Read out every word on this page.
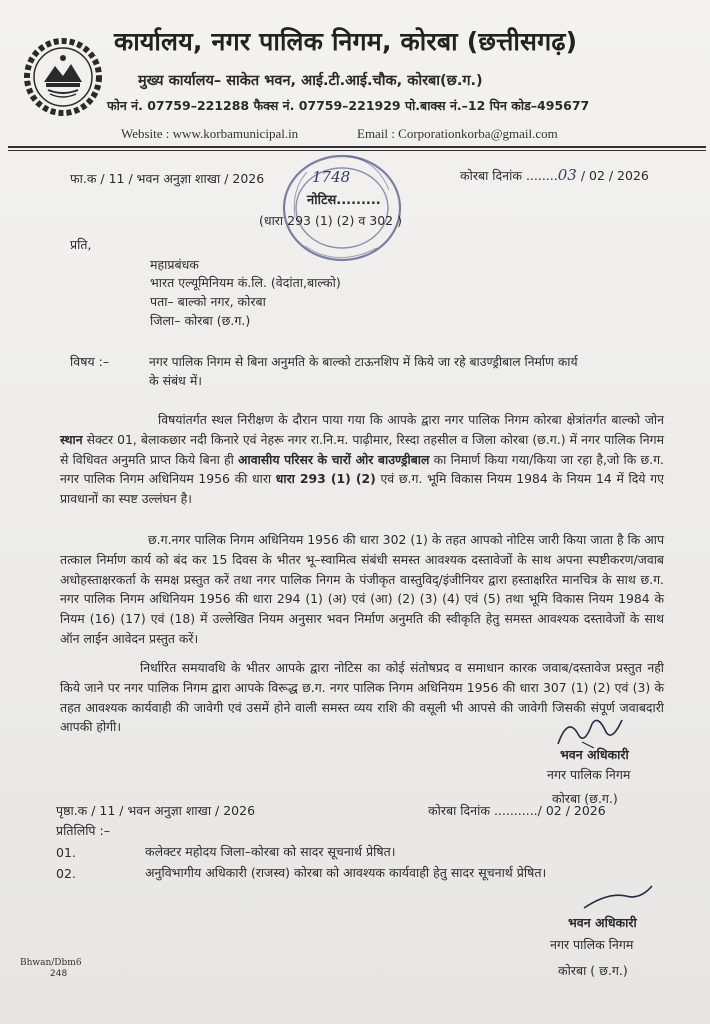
कार्यालय, नगर पालिक निगम, कोरबा (छत्तीसगढ़)
मुख्य कार्यालय– साकेत भवन, आई.टी.आई.चौक, कोरबा(छ.ग.)
फोन नं. 07759–221288 फैक्स नं. 07759–221929 पो.बाक्स नं.–12 पिन कोड–495677
Website : www.korbamunicipal.in	Email : Corporationkorba@gmail.com
फा.क / 11 / भवन अनुज्ञा शाखा / 2026	कोरबा दिनांक ........03 / 02 / 2026
1748
नोटिस.........
(धारा 293 (1) (2) व 302 )
प्रति,
महाप्रबंधक
भारत एल्यूमिनियम कं.लि. (वेदांता,बाल्को)
पता– बाल्को नगर, कोरबा
जिला– कोरबा (छ.ग.)
विषय :–	नगर पालिक निगम से बिना अनुमति के बाल्को टाऊनशिप में किये जा रहे बाउण्ड्रीबाल निर्माण कार्य
के संबंध में।
विषयांतर्गत स्थल निरीक्षण के दौरान पाया गया कि आपके द्वारा नगर पालिक निगम कोरबा क्षेत्रांतर्गत बाल्को जोन स्थान सेक्टर 01, बेलाकछार नदी किनारे एवं नेहरू नगर रा.नि.म. पाढ़ीमार, रिस्दा तहसील व जिला कोरबा (छ.ग.) में नगर पालिक निगम से विधिवत अनुमति प्राप्त किये बिना ही आवासीय परिसर के चारों ओर बाउण्ड्रीबाल का निमार्ण किया गया/किया जा रहा है,जो कि छ.ग. नगर पालिक निगम अधिनियम 1956 की धारा धारा 293 (1) (2) एवं छ.ग. भूमि विकास नियम 1984 के नियम 14 में दिये गए प्रावधानों का स्पष्ट उल्लंघन है।
छ.ग.नगर पालिक निगम अधिनियम 1956 की धारा 302 (1) के तहत आपको नोटिस जारी किया जाता है कि आप तत्काल निर्माण कार्य को बंद कर 15 दिवस के भीतर भू–स्वामित्व संबंधी समस्त आवश्यक दस्तावेजों के साथ अपना स्पष्टीकरण/जवाब अधोहस्ताक्षरकर्ता के समक्ष प्रस्तुत करें तथा नगर पालिक निगम के पंजीकृत वास्तुविद्/इंजीनियर द्वारा हस्ताक्षरित मानचित्र के साथ छ.ग. नगर पालिक निगम अधिनियम 1956 की धारा 294 (1) (अ) एवं (आ) (2) (3) (4) एवं (5) तथा भूमि विकास नियम 1984 के नियम (16) (17) एवं (18) में उल्लेखित नियम अनुसार भवन निर्माण अनुमति की स्वीकृति हेतु समस्त आवश्यक दस्तावेजों के साथ ऑन लाईन आवेदन प्रस्तुत करें।
निर्धारित समयावधि के भीतर आपके द्वारा नोटिस का कोई संतोषप्रद व समाधान कारक जवाब/दस्तावेज प्रस्तुत नही किये जाने पर नगर पालिक निगम द्वारा आपके विरूद्ध छ.ग. नगर पालिक निगम अधिनियम 1956 की धारा 307 (1) (2) एवं (3) के तहत आवश्यक कार्यवाही की जावेगी एवं उसमें होने वाली समस्त व्यय राशि की वसूली भी आपसे की जावेगी जिसकी संपूर्ण जवाबदारी आपकी होगी।
भवन अधिकारी
नगर पालिक निगम
कोरबा (छ.ग.)
पृष्ठा.क / 11 / भवन अनुज्ञा शाखा / 2026	कोरबा दिनांक .........../ 02 / 2026
प्रतिलिपि :–
01.	कलेक्टर महोदय जिला–कोरबा को सादर सूचनार्थ प्रेषित।
02.	अनुविभागीय अधिकारी (राजस्व) कोरबा को आवश्यक कार्यवाही हेतु सादर सूचनार्थ प्रेषित।
भवन अधिकारी
नगर पालिक निगम
कोरबा ( छ.ग.)
Bhwan/Dbm6
248
